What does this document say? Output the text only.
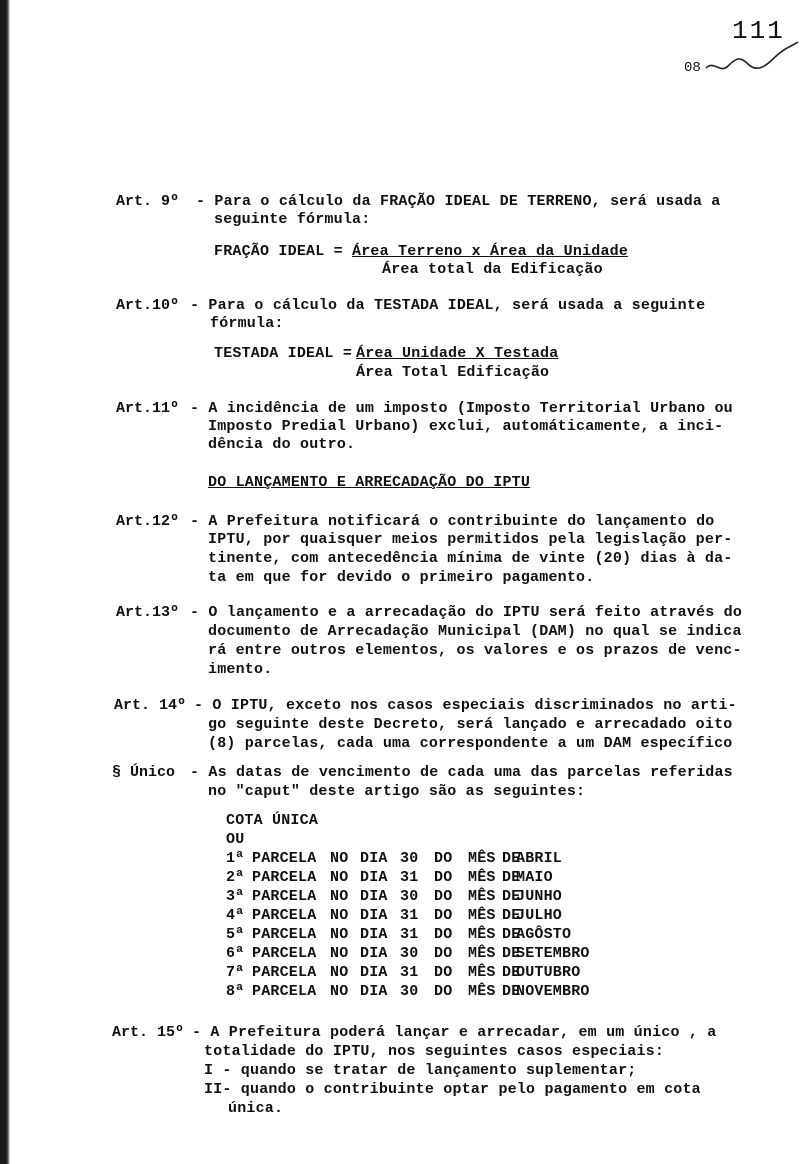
111
08
Art. 9º - Para o cálculo da FRAÇÃO IDEAL DE TERRENO, será usada a
seguinte fórmula:
FRAÇÃO IDEAL = Área Terreno x Área da Unidade
Área total da Edificação
Art.10º - Para o cálculo da TESTADA IDEAL, será usada a seguinte
fórmula:
TESTADA IDEAL = Área Unidade X Testada
Área Total Edificação
Art.11º - A incidência de um imposto (Imposto Territorial Urbano ou
Imposto Predial Urbano) exclui, automáticamente, a inci-
dência do outro.
DO LANÇAMENTO E ARRECADAÇÃO DO IPTU
Art.12º - A Prefeitura notificará o contribuinte do lançamento do
IPTU, por quaisquer meios permitidos pela legislação per-
tinente, com antecedência mínima de vinte (20) dias à da-
ta em que for devido o primeiro pagamento.
Art.13º - O lançamento e a arrecadação do IPTU será feito através do
documento de Arrecadação Municipal (DAM) no qual se indica
rá entre outros elementos, os valores e os prazos de venc-
imento.
Art. 14º - O IPTU, exceto nos casos especiais discriminados no arti-
go seguinte deste Decreto, será lançado e arrecadado oito
(8) parcelas, cada uma correspondente a um DAM específico
§ Único - As datas de vencimento de cada uma das parcelas referidas
no "caput" deste artigo são as seguintes:
COTA ÚNICA
OU
1ª PARCELA NO DIA 30 DO MÊS DE
ABRIL
2ª PARCELA NO DIA 31 DO MÊS DE
MAIO
3ª PARCELA NO DIA 30 DO MÊS DE
JUNHO
4ª PARCELA NO DIA 31 DO MÊS DE
JULHO
5ª PARCELA NO DIA 31 DO MÊS DE
AGÔSTO
6ª PARCELA NO DIA 30 DO MÊS DE
SETEMBRO
7ª PARCELA NO DIA 31 DO MÊS DE
OUTUBRO
8ª PARCELA NO DIA 30 DO MÊS DE
NOVEMBRO
Art. 15º - A Prefeitura poderá lançar e arrecadar, em um único , a
totalidade do IPTU, nos seguintes casos especiais:
I - quando se tratar de lançamento suplementar;
II- quando o contribuinte optar pelo pagamento em cota
única.
